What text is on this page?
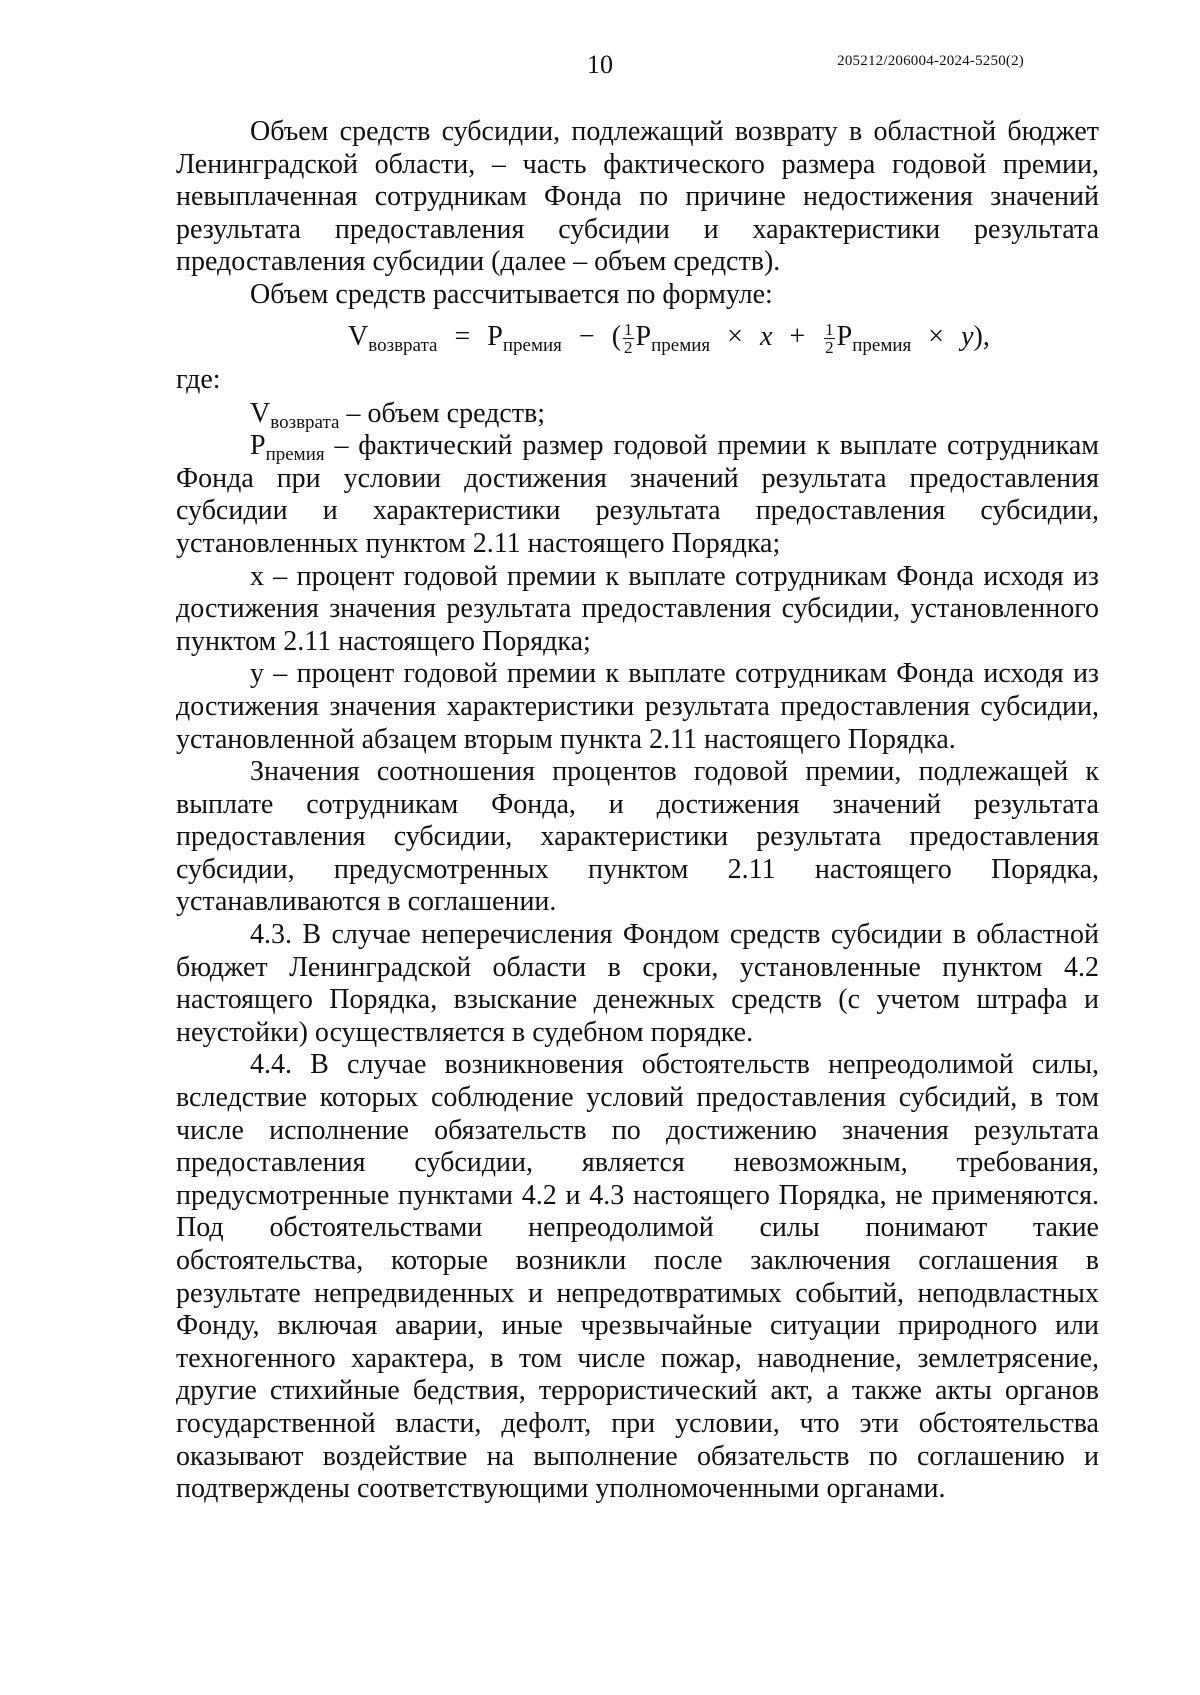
10	205212/206004-2024-5250(2)

Объем средств субсидии, подлежащий возврату в областной бюджет Ленинградской области, – часть фактического размера годовой премии, невыплаченная сотрудникам Фонда по причине недостижения значений результата предоставления субсидии и характеристики результата предоставления субсидии (далее – объем средств).

Объем средств рассчитывается по формуле:

$V_{возврата} = P_{премия}$ − ( $\frac{1}{2} P_{премия} \times x + \frac{1}{2} P_{премия} \times y$),

где:

$V_{возврата}$ – объем средств;

$P_{премия}$ – фактический размер годовой премии к выплате сотрудникам Фонда при условии достижения значений результата предоставления субсидии и характеристики результата предоставления субсидии, установленных пунктом 2.11 настоящего Порядка;

х – процент годовой премии к выплате сотрудникам Фонда исходя из достижения значения результата предоставления субсидии, установленного пунктом 2.11 настоящего Порядка;

у – процент годовой премии к выплате сотрудникам Фонда исходя из достижения значения характеристики результата предоставления субсидии, установленной абзацем вторым пункта 2.11 настоящего Порядка.

Значения соотношения процентов годовой премии, подлежащей к выплате сотрудникам Фонда, и достижения значений результата предоставления субсидии, характеристики результата предоставления субсидии, предусмотренных пунктом 2.11 настоящего Порядка, устанавливаются в соглашении.

4.3. В случае неперечисления Фондом средств субсидии в областной бюджет Ленинградской области в сроки, установленные пунктом 4.2 настоящего Порядка, взыскание денежных средств (с учетом штрафа и неустойки) осуществляется в судебном порядке.

4.4. В случае возникновения обстоятельств непреодолимой силы, вследствие которых соблюдение условий предоставления субсидий, в том числе исполнение обязательств по достижению значения результата предоставления субсидии, является невозможным, требования, предусмотренные пунктами 4.2 и 4.3 настоящего Порядка, не применяются. Под обстоятельствами непреодолимой силы понимают такие обстоятельства, которые возникли после заключения соглашения в результате непредвиденных и непредотвратимых событий, неподвластных Фонду, включая аварии, иные чрезвычайные ситуации природного или техногенного характера, в том числе пожар, наводнение, землетрясение, другие стихийные бедствия, террористический акт, а также акты органов государственной власти, дефолт, при условии, что эти обстоятельства оказывают воздействие на выполнение обязательств по соглашению и подтверждены соответствующими уполномоченными органами.
